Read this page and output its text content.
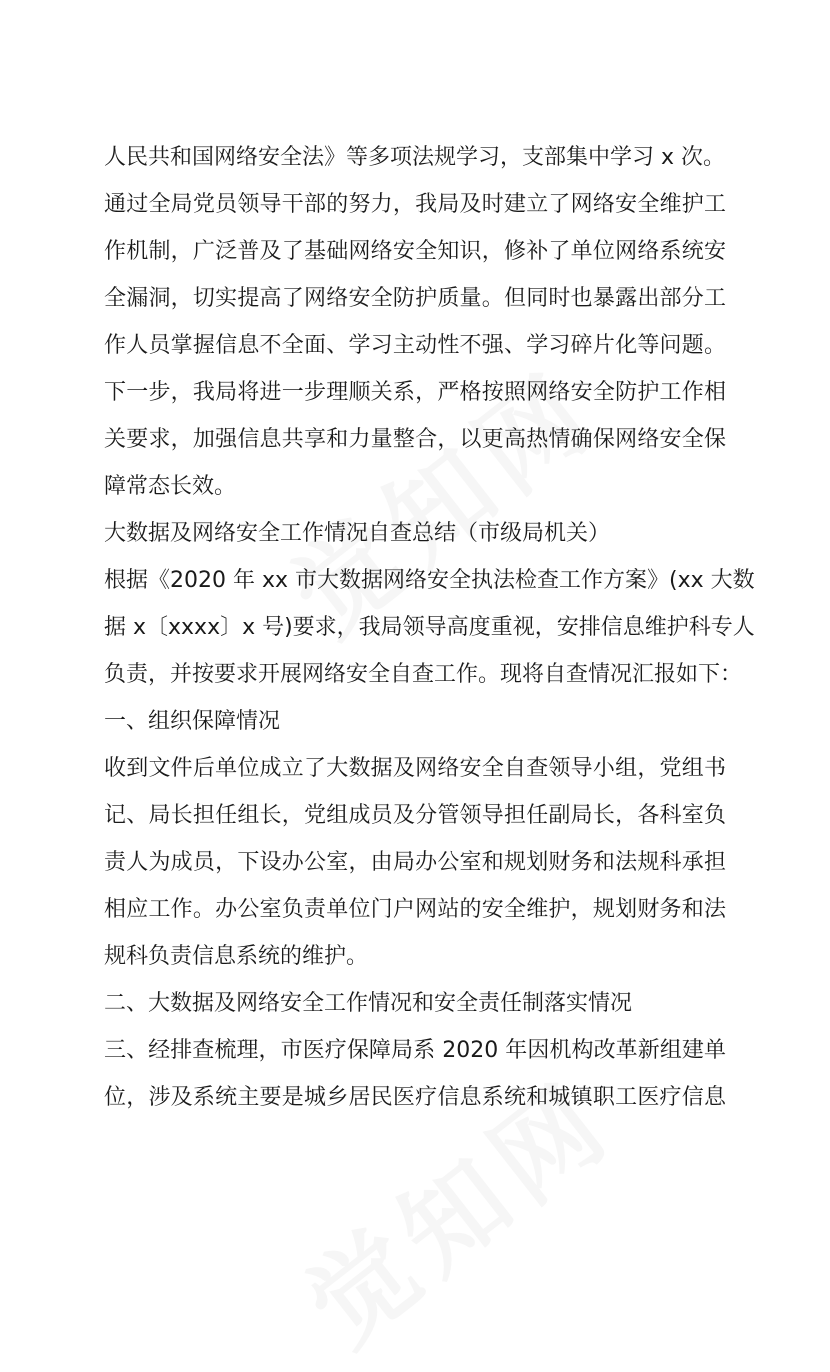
人民共和国网络安全法》等多项法规学习，支部集中学习 x 次。
通过全局党员领导干部的努力，我局及时建立了网络安全维护工
作机制，广泛普及了基础网络安全知识，修补了单位网络系统安
全漏洞，切实提高了网络安全防护质量。但同时也暴露出部分工
作人员掌握信息不全面、学习主动性不强、学习碎片化等问题。
下一步，我局将进一步理顺关系，严格按照网络安全防护工作相
关要求，加强信息共享和力量整合，以更高热情确保网络安全保
障常态长效。
大数据及网络安全工作情况自查总结（市级局机关）
根据《2020 年 xx 市大数据网络安全执法检查工作方案》(xx 大数
据 x〔xxxx〕x 号)要求，我局领导高度重视，安排信息维护科专人
负责，并按要求开展网络安全自查工作。现将自查情况汇报如下：
一、组织保障情况
收到文件后单位成立了大数据及网络安全自查领导小组，党组书
记、局长担任组长，党组成员及分管领导担任副局长，各科室负
责人为成员，下设办公室，由局办公室和规划财务和法规科承担
相应工作。办公室负责单位门户网站的安全维护，规划财务和法
规科负责信息系统的维护。
二、大数据及网络安全工作情况和安全责任制落实情况
三、经排查梳理，市医疗保障局系 2020 年因机构改革新组建单
位，涉及系统主要是城乡居民医疗信息系统和城镇职工医疗信息
